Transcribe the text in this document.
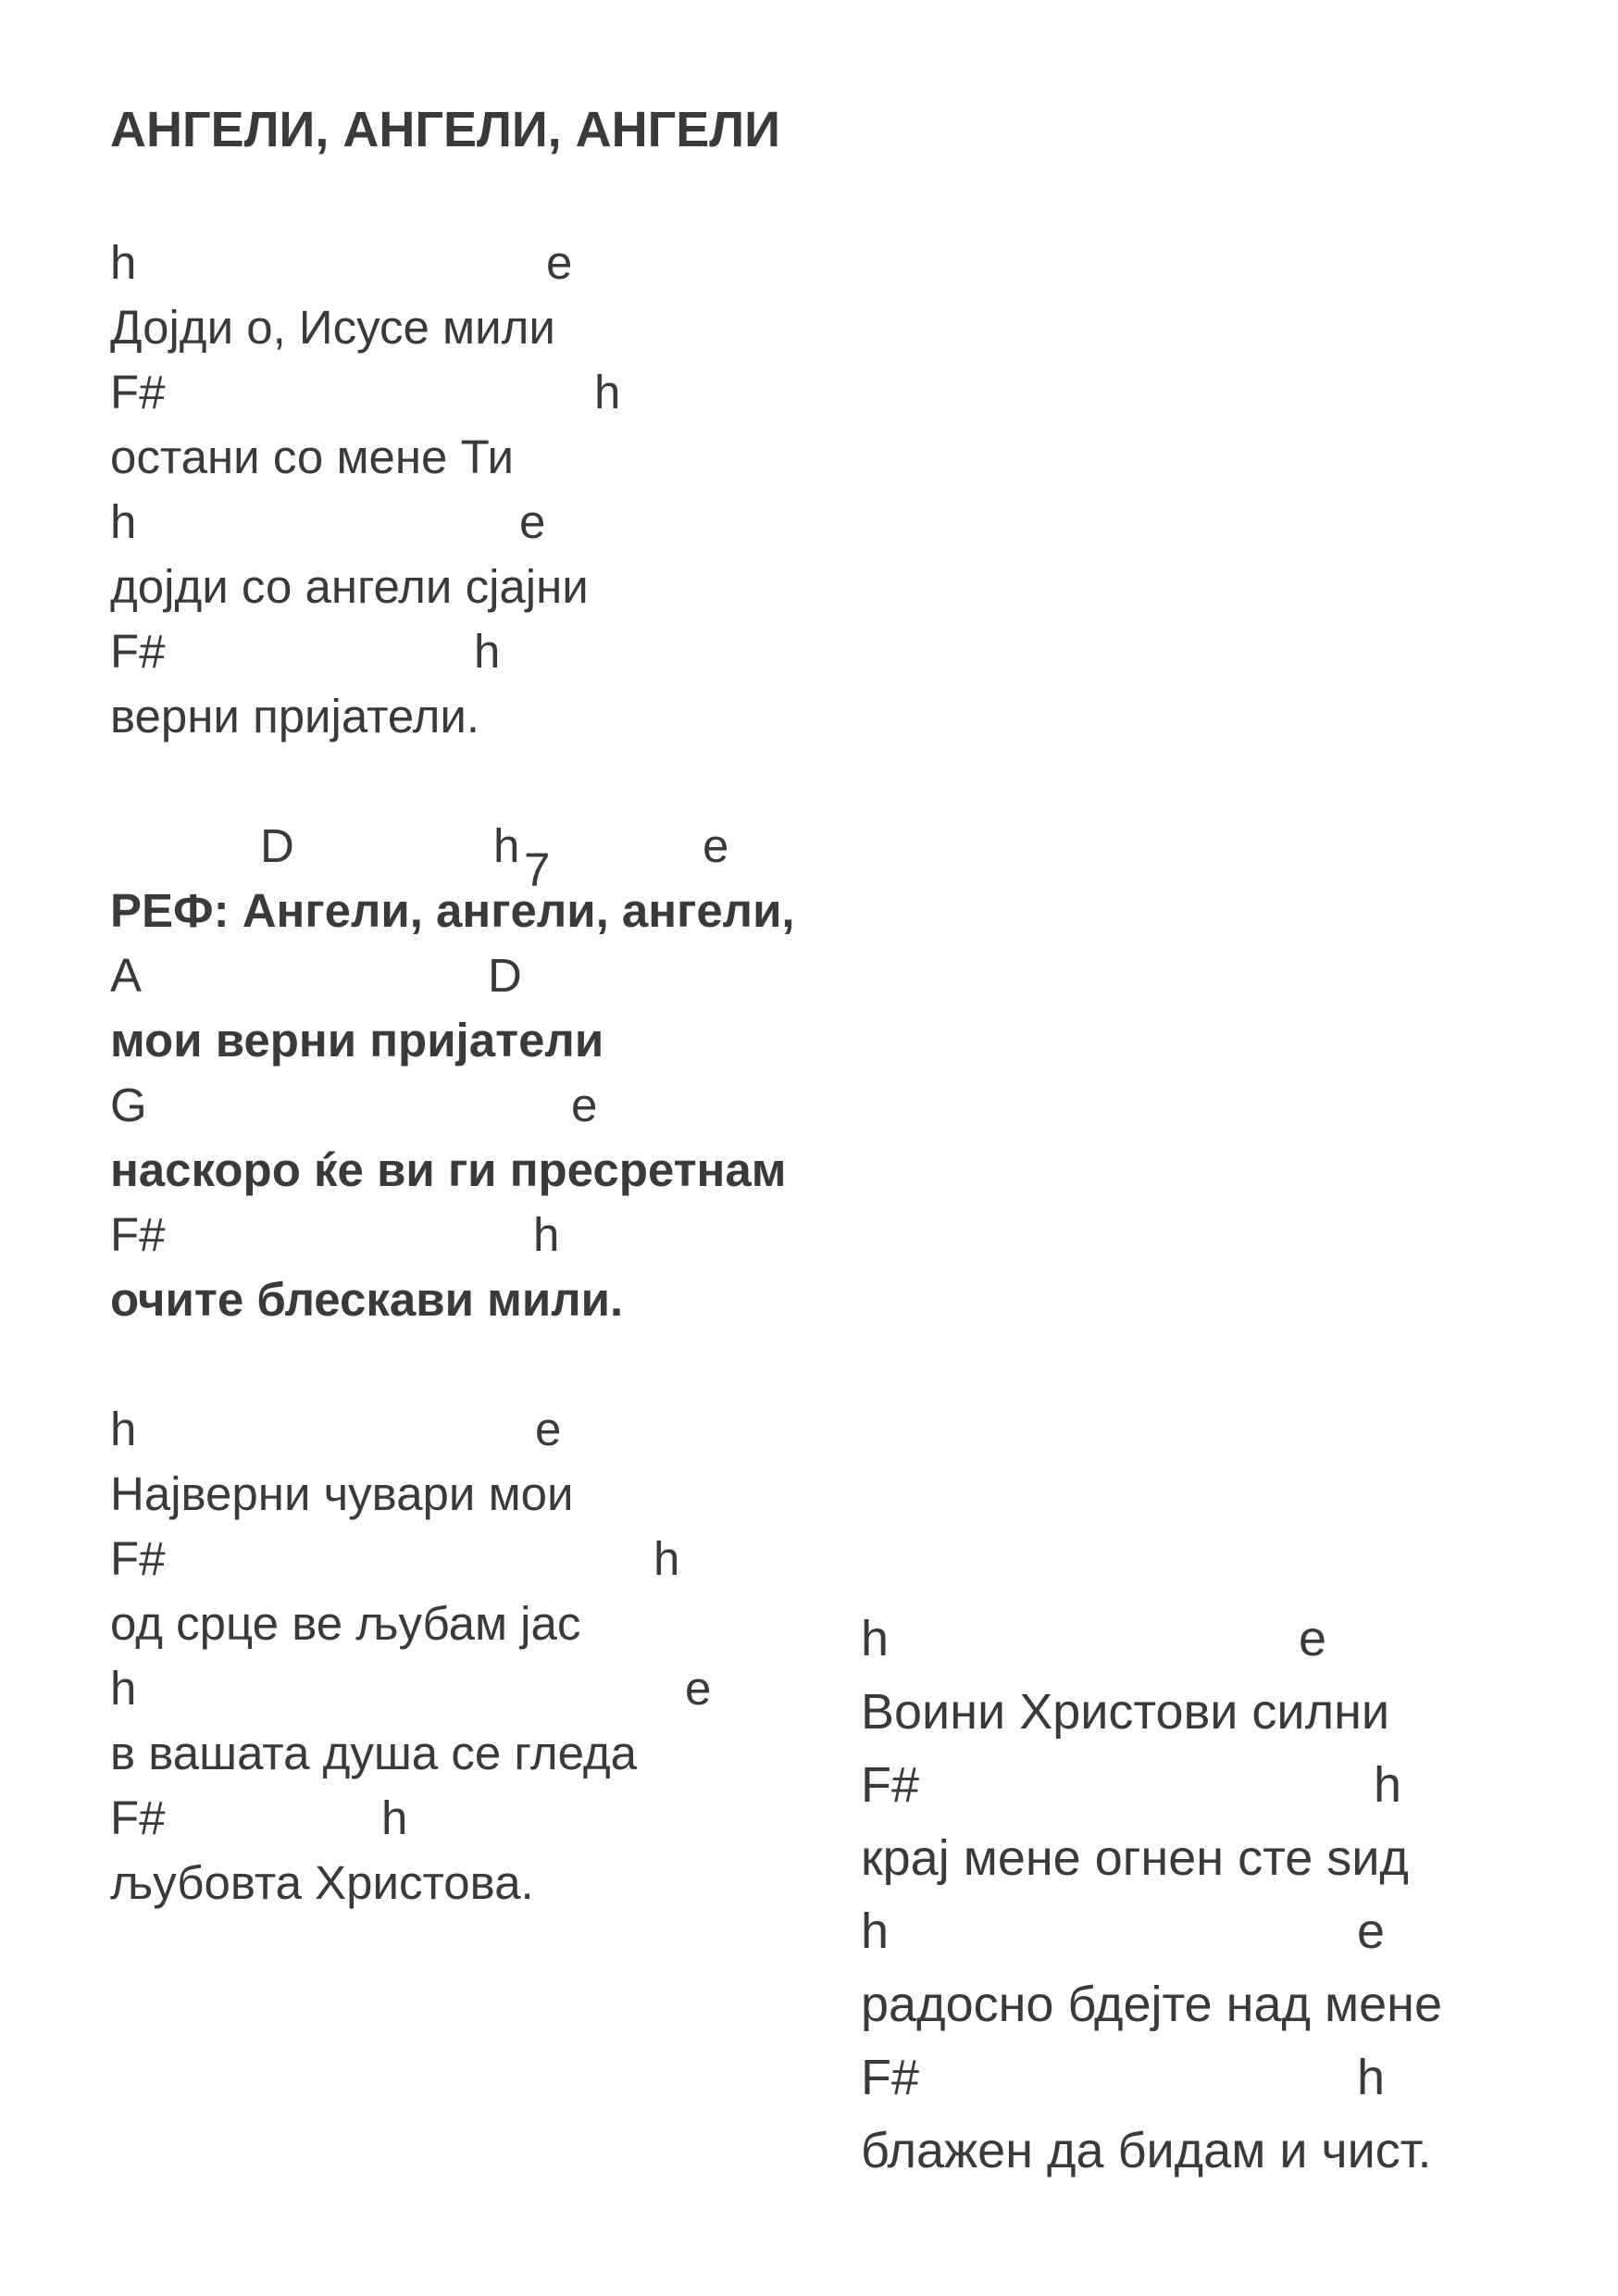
АНГЕЛИ, АНГЕЛИ, АНГЕЛИ
h	e

Дојди о, Исусе мили

F#	h

остани со мене Ти

h	e

дојди со ангели сјајни

F#	h

верни пријатели.

D	h 7	e

РЕФ: Ангели, ангели, ангели,

A	D

мои верни пријатели

G	e

наскоро ќе ви ги пресретнам

F#	h

очите блескави мили.

h	e

Најверни чувари мои

F#	h

од срце ве љубам јас

h	e

в вашата душа се гледа

F#	h

љубовта Христова.

h	e

Воини Христови силни

F#	h

крај мене огнен сте ѕид

h	e

радосно бдејте над мене

F#	h

блажен да бидам и чист.
